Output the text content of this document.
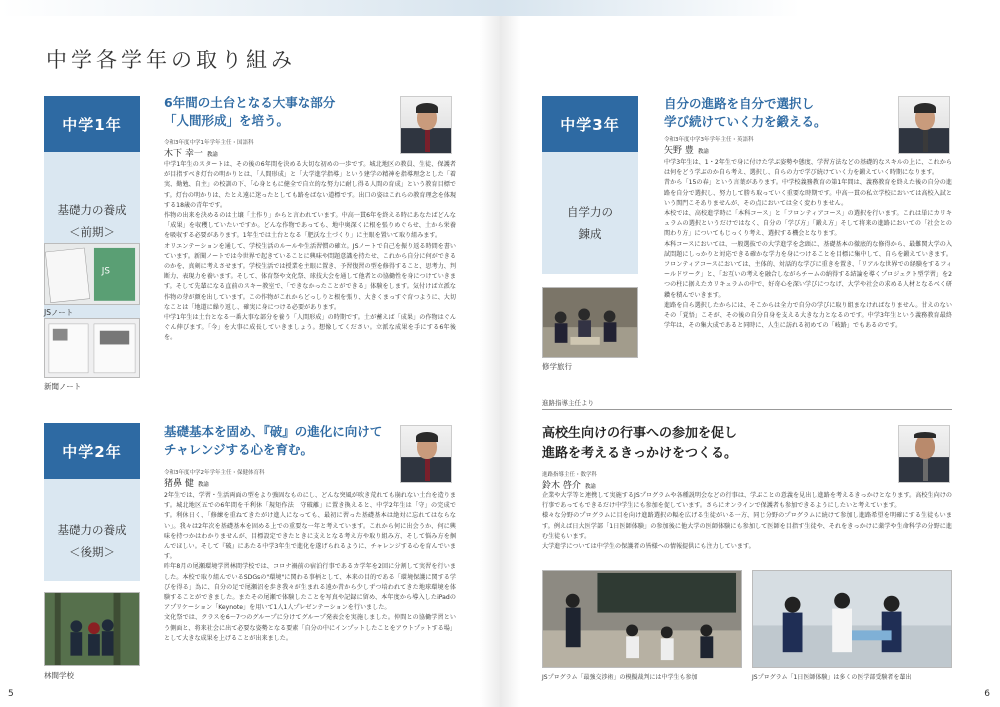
中学各学年の取り組み
中学1年
基礎力の養成
＜前期＞
JS
JSノート
新聞ノート
6年間の土台となる大事な部分
「人間形成」を培う。
令和3年度中学1年学年主任・国語科
木下 幸一 教諭
中学1年生のスタートは、その後の6年間を決める大切な初めの一歩です。城北地区の教員、生徒、保護者が目指すべき灯台の明かりとは、「人間形成」と「大学進学指導」という建学の精神を指導理念とした「着実、勤勉、自主」の校訓の下、「心身ともに健全で自立的な努力に耐し得る人間の育成」という教育目標です。灯台の明かりは、たとえ遠に迷ったとしても路をばない道標です。出口の姿はこれらの教育理念を体現する18歳の青年です。
作物の出来を決めるのは土壌「土作り」からと言われています。中高一貫6年を終える時にあなたばどんな「成果」を収穫していたいですか。どんな作物であっても、地中奥深くに根を張りめぐらせ、土から栄養を吸収する必要があります。1年生では土台となる「肥沃な土づくり」に主眼を置いて取り組みます。
オリエンテーションを通して、学校生活のルールや生活習慣の確立。JSノートで自己を振り返る時間を書いています。新聞ノートでは今世界で起きていることに興味や問題意識を持たせ、これから自分に何ができるのかを、真剣に考えさせます。学校生活では授業を主眼に置き、予習復習の型を修得すること、思考力、判断力、表現力を養います。そして、体育祭や文化祭、球技大会を通して他者との協働性を身につけていきます。そして先輩になる直前のスキー教室で、「できなかったことができる」体験をします。気付けば立派な作物の芽が顔を出しています。この作物がこれからどっしりと根を張り、大きくまっすぐ育つように、大切なことは「地道に繰り返し、確実に身につける必要があります。
中学1年生は土台となる一番大事な部分を養う「人間形成」の時期です。土が蓄えば「成果」の作物はぐんぐん伸びます。「今」を大事に成長していきましょう。想像してください。立派な成果を手にする6年後を。
中学2年
基礎力の養成
＜後期＞
林間学校
基礎基本を固め、『破』の進化に向けて
チャレンジする心を育む。
令和3年度中学2年学年主任・保健体育科
猪鼻 健 教諭
2年生では、学習・生活両面の型をより強固なものにし、どんな突風が吹き荒れても崩れない土台を造ります。城北地区五での6年間を千利休「規矩作法　守破離」に置き換えると、中学2年生は「守」の完成です。利休日く、「修練を重ねてきたがけ進人になっても、最初に習った基礎基本は絶対に忘れてはならない」。我々は2年次を基礎基本を固める上での重要な一年と考えています。これから何に出会うか、何に興味を持つかはわかりませんが、目標設定できたときに支えとなる考え方や取り組み方、そして悩み方を掴んでほしい。そして『破』にあたる中学3年生で進化を遂げられるように、チャレンジする心を育んでいます。
昨年8月の尾瀬環境学習林間学校では、コロナ禍前の宿泊行事であるカ学年を2回に分割して実習を行いました。本校で取り組んでいるSDGsの"環境"に関わる事柄として、本来の目的である「環境保護に関する学びを得る」為に、自分の足で尾瀬沼を歩き我々が生まれる遠か昔から少しずつ培われてきた地球環境を体験することができました。またその尾瀬で体験したことを写真や記録に留め、本年度から導入したiPadのアプリケーション「Keynote」を用いて1人1人プレゼンテーションを行いました。
文化祭では、クラスを6〜7つのグループに分けてグループ発表会を実施しました。仲間との協働学習という側面と、将来社会に出て必要な姿勢となる要素「自分の中にインプットしたことをアウトプットする場」として大きな成果を上げることが出来ました。
5
中学3年
自学力の
錬成
修学旅行
自分の進路を自分で選択し
学び続けていく力を鍛える。
令和3年度中学3年学年主任・英語科
矢野 豊 教諭
中学3年生は、1・2年生で身に付けた学ぶ姿勢や態度、学習方法などの基礎的なスキルの上に、これからは何をどう学ぶのか自ら考え、選択し、自らの力で学び続けていく力を鍛えていく時期になります。
昔から「15の春」という言葉があります。中学校義務教育の第1年間は、義務教育を終えた後の自分の進路を自分で選択し、努力して勝ち取っていく重要な時期です。中高一貫の私立学校においては高校入試という関門こそありませんが、その点においては全く変わりません。
本校では、高校進学時に「本科コース」と「フロンティアコース」の選択を行います。これは単にカリキュラムの選択というだけではなく、自分の「学び方」「鍛え方」そして将来の進路においての「社会との関わり方」についてもじっくり考え、選択する機会となります。
本科コースにおいては、一般選抜での大学進学を念頭に、基礎基本の徹底的な修得から、最難関大学の入試問題にしっかりと対応できる確かな学力を身につけることを目標に集中して、自らを鍛えていきます。フロンティアコースにおいては、主体的、対話的な学びに重きを置き、「リアルな世界での経験をするフィールドワーク」と、「お互いの考えを融合しながらチームの納得する結論を導くプロジェクト型学習」を2つの柱に据えたカリキュラムの中で、好奇心を深い学びにつなげ、大学や社会の求める人材となるべく研鑽を積んでいきます。
進路を自ら選択したからには、そこからは全力で自分の学びに取り組まなければなりません。甘えのないその「覚悟」こそが、その後の自分自身を支える大きな力となるのです。中学3年生という義務教育最終学年は、その集大成であると同時に、人生に訪れる初めての「岐路」でもあるのです。
進路指導主任より
高校生向けの行事への参加を促し
進路を考えるきっかけをつくる。
進路指導主任・数学科
鈴木 啓介 教諭
企業や大学等と連携して実施するJSプログラムや各種説明会などの行事は、学ぶことの意義を見出し進路を考えるきっかけとなります。高校生向けの行事であってもできるだけ中学生にも参加を促しています。さらにオンラインで保護者も参加できるようにしたいと考えています。
様々な分野のプログラムに目を向け進路選択の幅を広げる生徒がいる一方、同じ分野のプログラムに続けて参加し進路希望を明確にする生徒もいます。例えば日大医学部「1日医師体験」の参加後に他大学の医師体験にも参加して医師を目指す生徒や、それをきっかけに薬学や生命科学の分野に進む生徒もいます。
大学進学については中学生の保護者の皆様への情報提供にも注力しています。
JSプログラム「最強交渉術」の模擬裁判には中学生も参加	JSプログラム「1日医師体験」は多くの医学部受験者を輩出
6
